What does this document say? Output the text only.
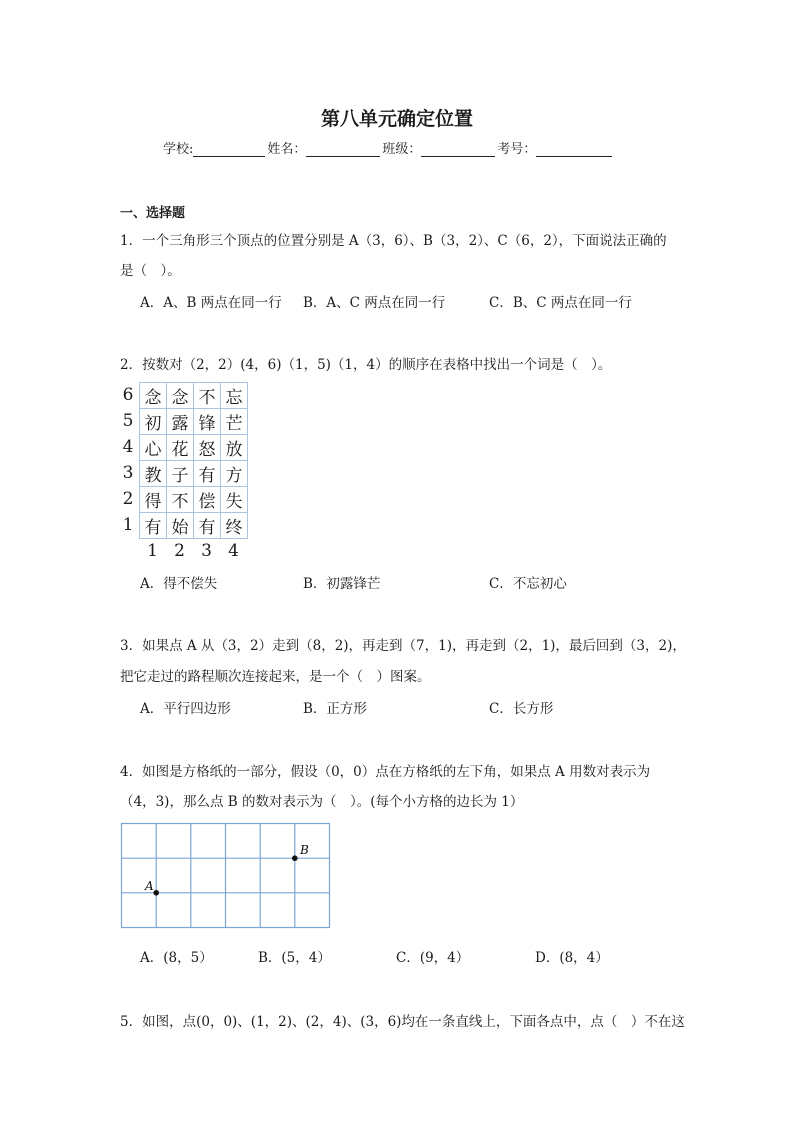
第八单元确定位置
学校:	姓名：	班级：	考号：
一、选择题
1．一个三角形三个顶点的位置分别是 A（3，6）、B（3，2）、C（6，2），下面说法正确的
是（　）。
A．A、B 两点在同一行 B．A、C 两点在同一行	C．B、C 两点在同一行
2．按数对（2，2）(4，6)（1，5)（1，4）的顺序在表格中找出一个词是（　）。
6
5
4
3
2
1
念	念	不	忘
初	露	锋	芒
心	花	怒	放
教	子	有	方
得	不	偿	失
有	始	有	终
1 2 3 4
A．得不偿失	B．初露锋芒	C．不忘初心
3．如果点 A 从（3，2）走到（8，2)，再走到（7，1)，再走到（2，1)，最后回到（3，2)，
把它走过的路程顺次连接起来，是一个（　）图案。
A．平行四边形	B．正方形	C．长方形
4．如图是方格纸的一部分，假设（0，0）点在方格纸的左下角，如果点 A 用数对表示为
（4，3)，那么点 B 的数对表示为（　）。(每个小方格的边长为 1）
A
B
A．(8，5）	B．(5，4）	C．(9，4）	D．(8，4）
5．如图，点(0，0)、(1，2)、(2，4)、(3，6)均在一条直线上，下面各点中，点（　）不在这
